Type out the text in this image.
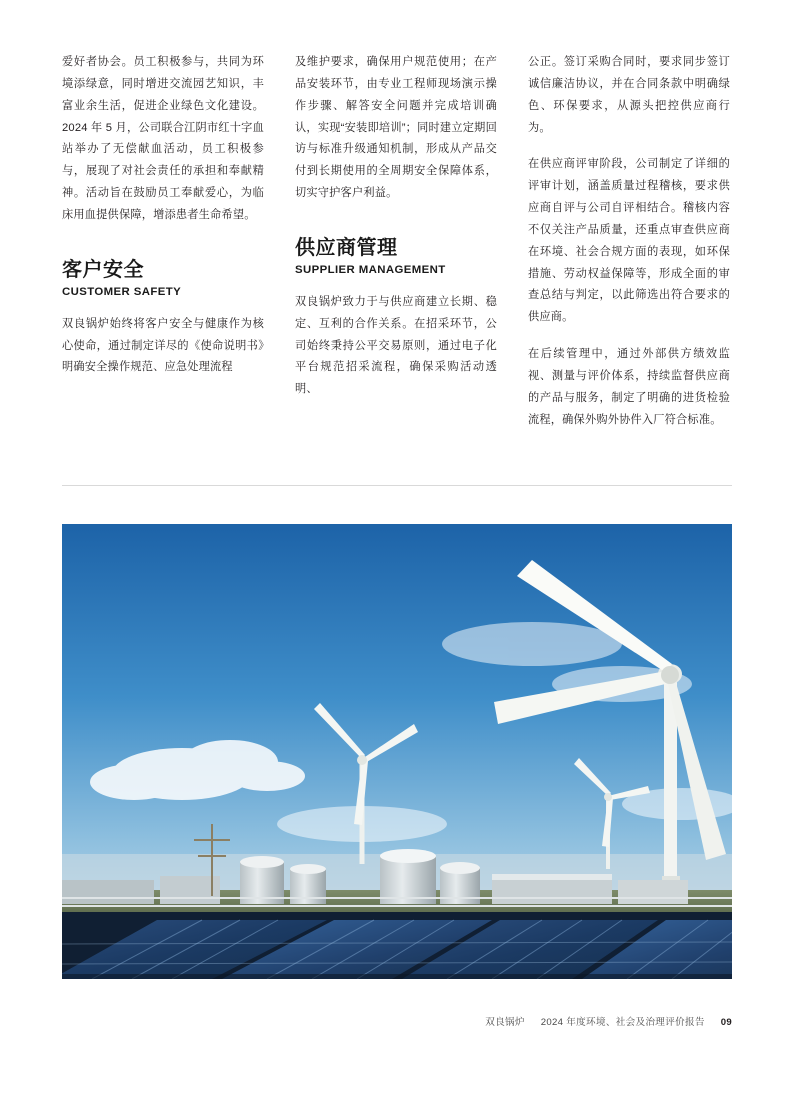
爱好者协会。员工积极参与，共同为环境添绿意，同时增进交流园艺知识，丰富业余生活，促进企业绿色文化建设。2024 年 5 月，公司联合江阴市红十字血站举办了无偿献血活动，员工积极参与，展现了对社会责任的承担和奉献精神。活动旨在鼓励员工奉献爱心，为临床用血提供保障，增添患者生命希望。

客户安全
CUSTOMER SAFETY

双良锅炉始终将客户安全与健康作为核心使命，通过制定详尽的《使命说明书》明确安全操作规范、应急处理流程

及维护要求，确保用户规范使用；在产品安装环节，由专业工程师现场演示操作步骤、解答安全问题并完成培训确认，实现“安装即培训”；同时建立定期回访与标准升级通知机制，形成从产品交付到长期使用的全周期安全保障体系，切实守护客户利益。

供应商管理
SUPPLIER MANAGEMENT

双良锅炉致力于与供应商建立长期、稳定、互利的合作关系。在招采环节，公司始终秉持公平交易原则，通过电子化平台规范招采流程，确保采购活动透明、

公正。签订采购合同时，要求同步签订诚信廉洁协议，并在合同条款中明确绿色、环保要求，从源头把控供应商行为。

在供应商评审阶段，公司制定了详细的评审计划，涵盖质量过程稽核，要求供应商自评与公司自评相结合。稽核内容不仅关注产品质量，还重点审查供应商在环境、社会合规方面的表现，如环保措施、劳动权益保障等，形成全面的审查总结与判定，以此筛选出符合要求的供应商。

在后续管理中，通过外部供方绩效监视、测量与评价体系，持续监督供应商的产品与服务，制定了明确的进货检验流程，确保外购外协件入厂符合标准。

双良锅炉 2024 年度环境、社会及治理评价报告 09
